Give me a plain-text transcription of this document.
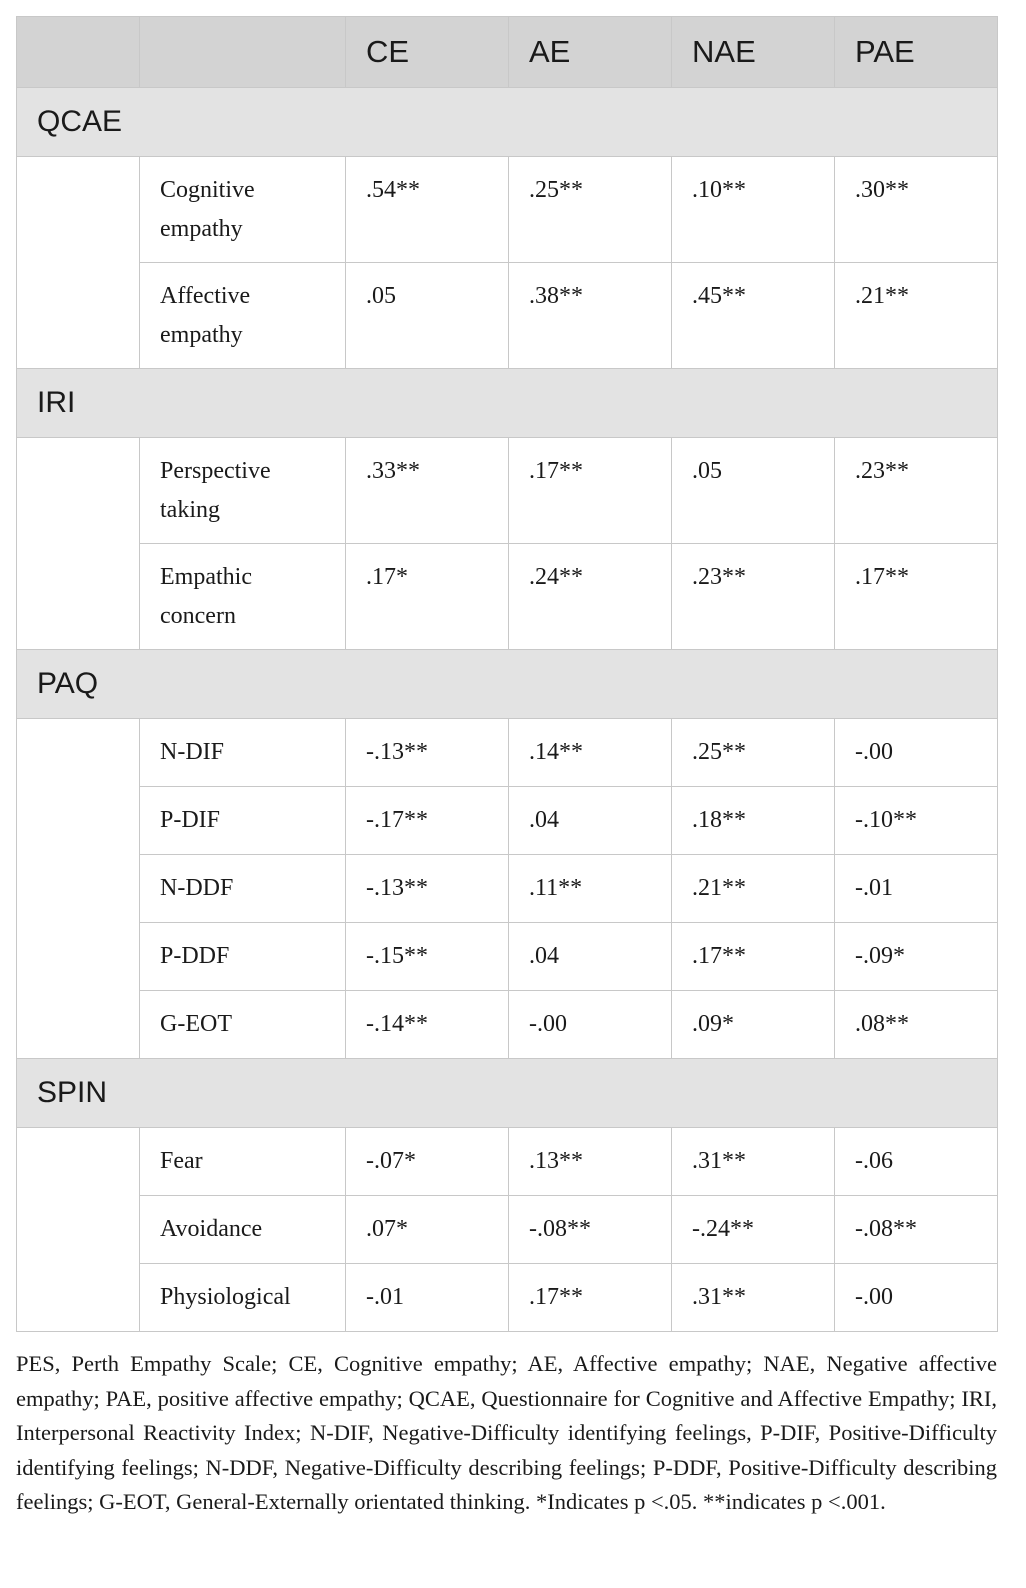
		CE	AE	NAE	PAE
QCAE					

	Cognitive empathy	.54**	.25**	.10**	.30**

	Affective empathy	.05	.38**	.45**	.21**
IRI					

	Perspective taking	.33**	.17**	.05	.23**

	Empathic concern	.17*	.24**	.23**	.17**
PAQ					

	N-DIF	-.13**	.14**	.25**	-.00

	P-DIF	-.17**	.04	.18**	-.10**

	N-DDF	-.13**	.11**	.21**	-.01

	P-DDF	-.15**	.04	.17**	-.09*

	G-EOT	-.14**	-.00	.09*	.08**
SPIN					

	Fear	-.07*	.13**	.31**	-.06

	Avoidance	.07*	-.08**	-.24**	-.08**

	Physiological	-.01	.17**	.31**	-.00

PES, Perth Empathy Scale; CE, Cognitive empathy; AE, Affective empathy; NAE, Negative affective empathy; PAE, positive affective empathy; QCAE, Questionnaire for Cognitive and Affective Empathy; IRI, Interpersonal Reactivity Index; N-DIF, Negative-Difficulty identifying feelings, P-DIF, Positive-Difficulty identifying feelings; N-DDF, Negative-Difficulty describing feelings; P-DDF, Positive-Difficulty describing feelings; G-EOT, General-Externally orientated thinking. *Indicates p <.05. **indicates p <.001.
